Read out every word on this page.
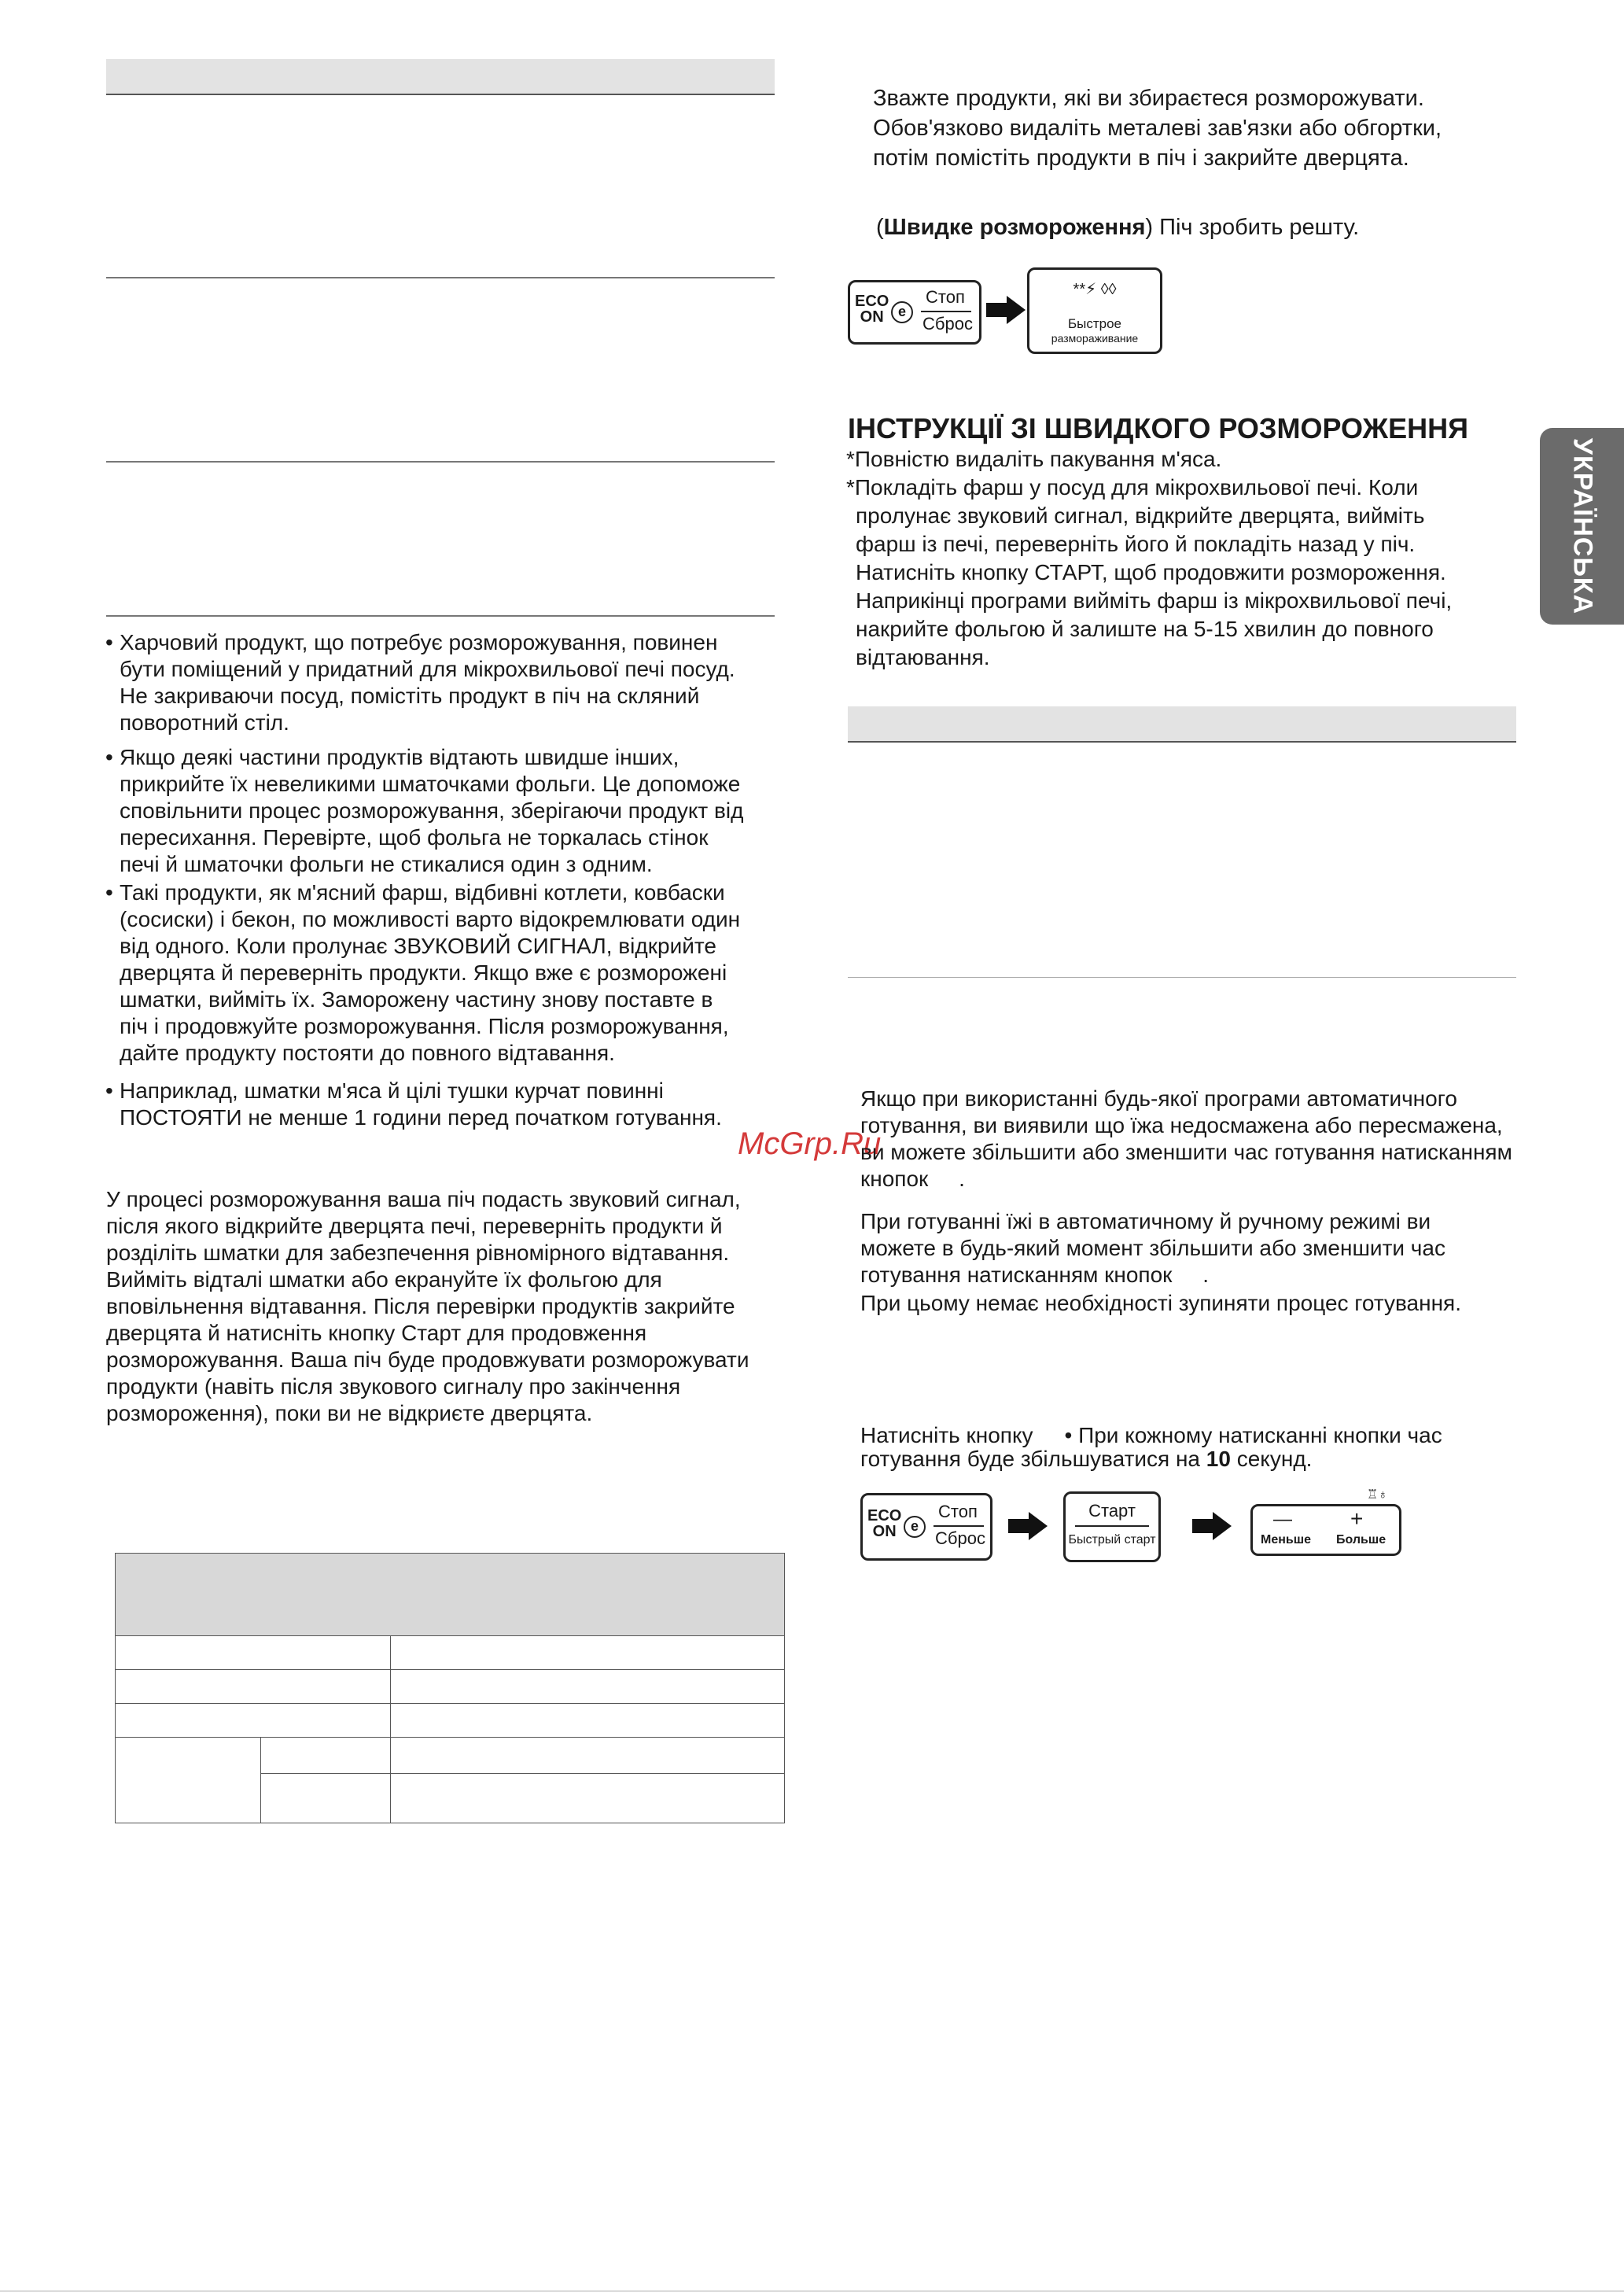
• Харчовий продукт, що потребує розморожування, повинен
бути поміщений у придатний для мікрохвильової печі посуд.
Не закриваючи посуд, помістіть продукт в піч на скляний
поворотний стіл.
• Якщо деякі частини продуктів відтають швидше інших,
прикрийте їх невеликими шматочками фольги. Це допоможе
сповільнити процес розморожування, зберігаючи продукт від
пересихання. Перевірте, щоб фольга не торкалась стінок
печі й шматочки фольги не стикалися один з одним.
• Такі продукти, як м'ясний фарш, відбивні котлети, ковбаски
(сосиски) і бекон, по можливості варто відокремлювати один
від одного. Коли пролунає ЗВУКОВИЙ СИГНАЛ, відкрийте
дверцята й переверніть продукти. Якщо вже є розморожені
шматки, вийміть їх. Заморожену частину знову поставте в
піч і продовжуйте розморожування. Після розморожування,
дайте продукту постояти до повного відтавання.
• Наприклад, шматки м'яса й цілі тушки курчат повинні
ПОСТОЯТИ не менше 1 години перед початком готування.
У процесі розморожування ваша піч подасть звуковий сигнал,
після якого відкрийте дверцята печі, переверніть продукти й
розділіть шматки для забезпечення рівномірного відтавання.
Вийміть відталі шматки або екрануйте їх фольгою для
вповільнення відтавання. Після перевірки продуктів закрийте
дверцята й натисніть кнопку Старт для продовження
розморожування. Ваша піч буде продовжувати розморожувати
продукти (навіть після звукового сигналу про закінчення
розмороження), поки ви не відкриєте дверцята.

McGrp.Ru
Зважте продукти, які ви збираєтеся розморожувати.
Обов'язково видаліть металеві зав'язки або обгортки,
потім помістіть продукти в піч і закрийте дверцята.
(Швидке розмороження) Піч зробить решту.
ECO
ON	e
Стоп
Сброс
**⚡ ◊◊
Быстрое
размораживание
ІНСТРУКЦІЇ ЗІ ШВИДКОГО РОЗМОРОЖЕННЯ
*Повністю видаліть пакування м'яса.
*Покладіть фарш у посуд для мікрохвильової печі. Коли
пролунає звуковий сигнал, відкрийте дверцята, вийміть
фарш із печі, переверніть його й покладіть назад у піч.
Натисніть кнопку СТАРТ, щоб продовжити розмороження.
Наприкінці програми вийміть фарш із мікрохвильової печі,
накрийте фольгою й залиште на 5-15 хвилин до повного
відтаювання.
Якщо при використанні будь-якої програми автоматичного
готування, ви виявили що їжа недосмажена або пересмажена,
ви можете збільшити або зменшити час готування натисканням
кнопок     .
При готуванні їжі в автоматичному й ручному режимі ви
можете в будь-який момент збільшити або зменшити час
готування натисканням кнопок     .
При цьому немає необхідності зупиняти процес готування.
Натисніть кнопку • При кожному натисканні кнопки час
готування буде збільшуватися на 10 секунд.
ECO
ON	e
Стоп
Сброс
Старт
Быстрый старт
♖♁
—	+
Меньше Больше
УКРАЇНСЬКА
